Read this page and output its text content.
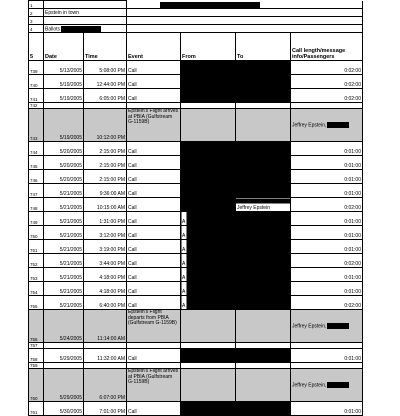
1						
2	Epstein in town					
3						
4	Ballots					
5	Date	Time	Event	From	To	Call length/message info/Passengers
739	5/13/2005	5:08:00 PM	Call			0:02:00
740	5/19/2005	12:44:00 PM	Call			0:02:00
741	5/19/2005	6:05:00 PM	Call			0:02:00
742						
743	5/19/2005	10:12:00 PM	Epstein's Flight arrives at PBIA (Gulfstream G-1159B)			Jeffrey Epstein,
744	5/20/2005	2:15:00 PM	Call			0:01:00
745	5/20/2005	2:15:00 PM	Call			0:01:00
746	5/20/2005	2:15:00 PM	Call			0:01:00
747	5/21/2005	9:36:00 AM	Call			0:01:00
748	5/21/2005	10:15:00 AM	Call		Jeffrey Epstein	0:02:00
749	5/21/2005	1:31:00 PM	Call	A		0:01:00
750	5/21/2005	3:12:00 PM	Call	A		0:01:00
751	5/21/2005	3:19:00 PM	Call	A		0:01:00
752	5/21/2005	3:44:00 PM	Call	A		0:02:00
753	5/21/2005	4:18:00 PM	Call	A		0:01:00
754	5/21/2005	4:18:00 PM	Call	A		0:01:00
755	5/21/2005	6:40:00 PM	Call	A		0:02:00
756	5/24/2005	11:14:00 AM	Epstein's Flight departs from PBIA (Gulfstream G-1159B)			Jeffrey Epstein,
757						
758	5/29/2005	11:32:00 AM	Call			0:01:00
759						
760	5/29/2005	6:07:00 PM	Epstein's Flight arrives at PBIA (Gulfstream G-1159B)			Jeffrey Epstein,
761	5/30/2005	7:01:00 PM	Call			0:01:00
